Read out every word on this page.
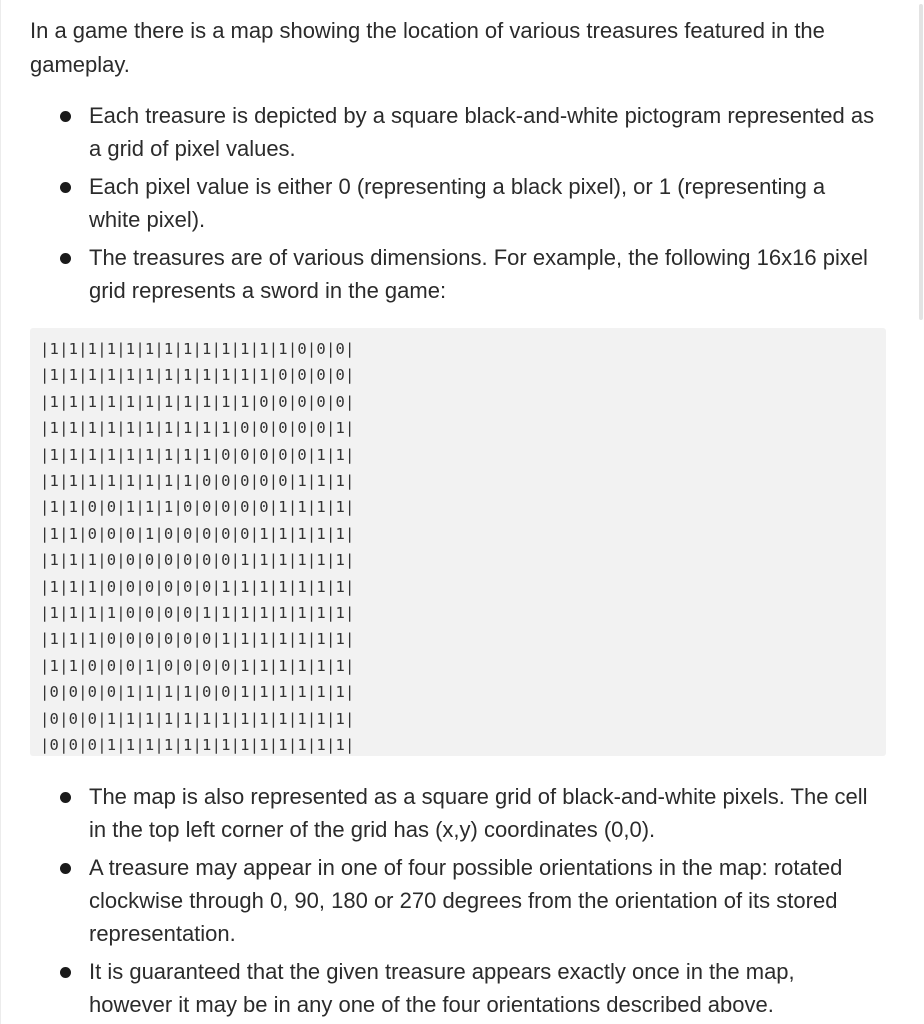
In a game there is a map showing the location of various treasures featured in the gameplay.

Each treasure is depicted by a square black-and-white pictogram represented as a grid of pixel values.
Each pixel value is either 0 (representing a black pixel), or 1 (representing a white pixel).
The treasures are of various dimensions. For example, the following 16x16 pixel grid represents a sword in the game:
|1|1|1|1|1|1|1|1|1|1|1|1|1|0|0|0|
|1|1|1|1|1|1|1|1|1|1|1|1|0|0|0|0|
|1|1|1|1|1|1|1|1|1|1|1|0|0|0|0|0|
|1|1|1|1|1|1|1|1|1|1|0|0|0|0|0|1|
|1|1|1|1|1|1|1|1|1|0|0|0|0|0|1|1|
|1|1|1|1|1|1|1|1|0|0|0|0|0|1|1|1|
|1|1|0|0|1|1|1|0|0|0|0|0|1|1|1|1|
|1|1|0|0|0|1|0|0|0|0|0|1|1|1|1|1|
|1|1|1|0|0|0|0|0|0|0|1|1|1|1|1|1|
|1|1|1|0|0|0|0|0|0|1|1|1|1|1|1|1|
|1|1|1|1|0|0|0|0|1|1|1|1|1|1|1|1|
|1|1|1|0|0|0|0|0|0|1|1|1|1|1|1|1|
|1|1|0|0|0|1|0|0|0|0|1|1|1|1|1|1|
|0|0|0|0|1|1|1|1|0|0|1|1|1|1|1|1|
|0|0|0|1|1|1|1|1|1|1|1|1|1|1|1|1|
|0|0|0|1|1|1|1|1|1|1|1|1|1|1|1|1|
The map is also represented as a square grid of black-and-white pixels. The cell in the top left corner of the grid has (x,y) coordinates (0,0).
A treasure may appear in one of four possible orientations in the map: rotated clockwise through 0, 90, 180 or 270 degrees from the orientation of its stored representation.
It is guaranteed that the given treasure appears exactly once in the map, however it may be in any one of the four orientations described above.
